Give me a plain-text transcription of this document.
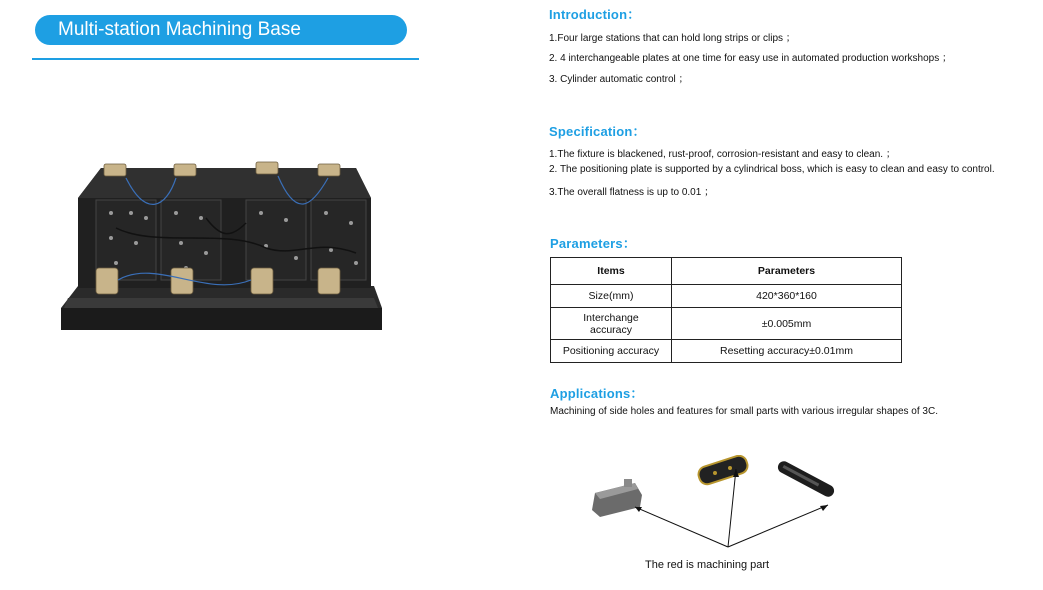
Multi-station Machining Base
Introduction：
1.Four large stations that can hold long strips or clips ；
2. 4 interchangeable plates at one time for easy use in automated production workshops ；
3. Cylinder automatic control ；
Specification：
1.The fixture is blackened, rust-proof, corrosion-resistant and easy to clean. ；
2. The positioning plate is supported by a cylindrical boss, which is easy to clean and easy to control.
3.The overall flatness is up to 0.01 ；
Parameters：
Items	Parameters
Size(mm)	420*360*160
Interchange
accuracy	±0.005mm
Positioning accuracy	Resetting accuracy±0.01mm
Applications：
Machining of side holes and features for small parts with various irregular shapes of 3C.
The red is machining part
